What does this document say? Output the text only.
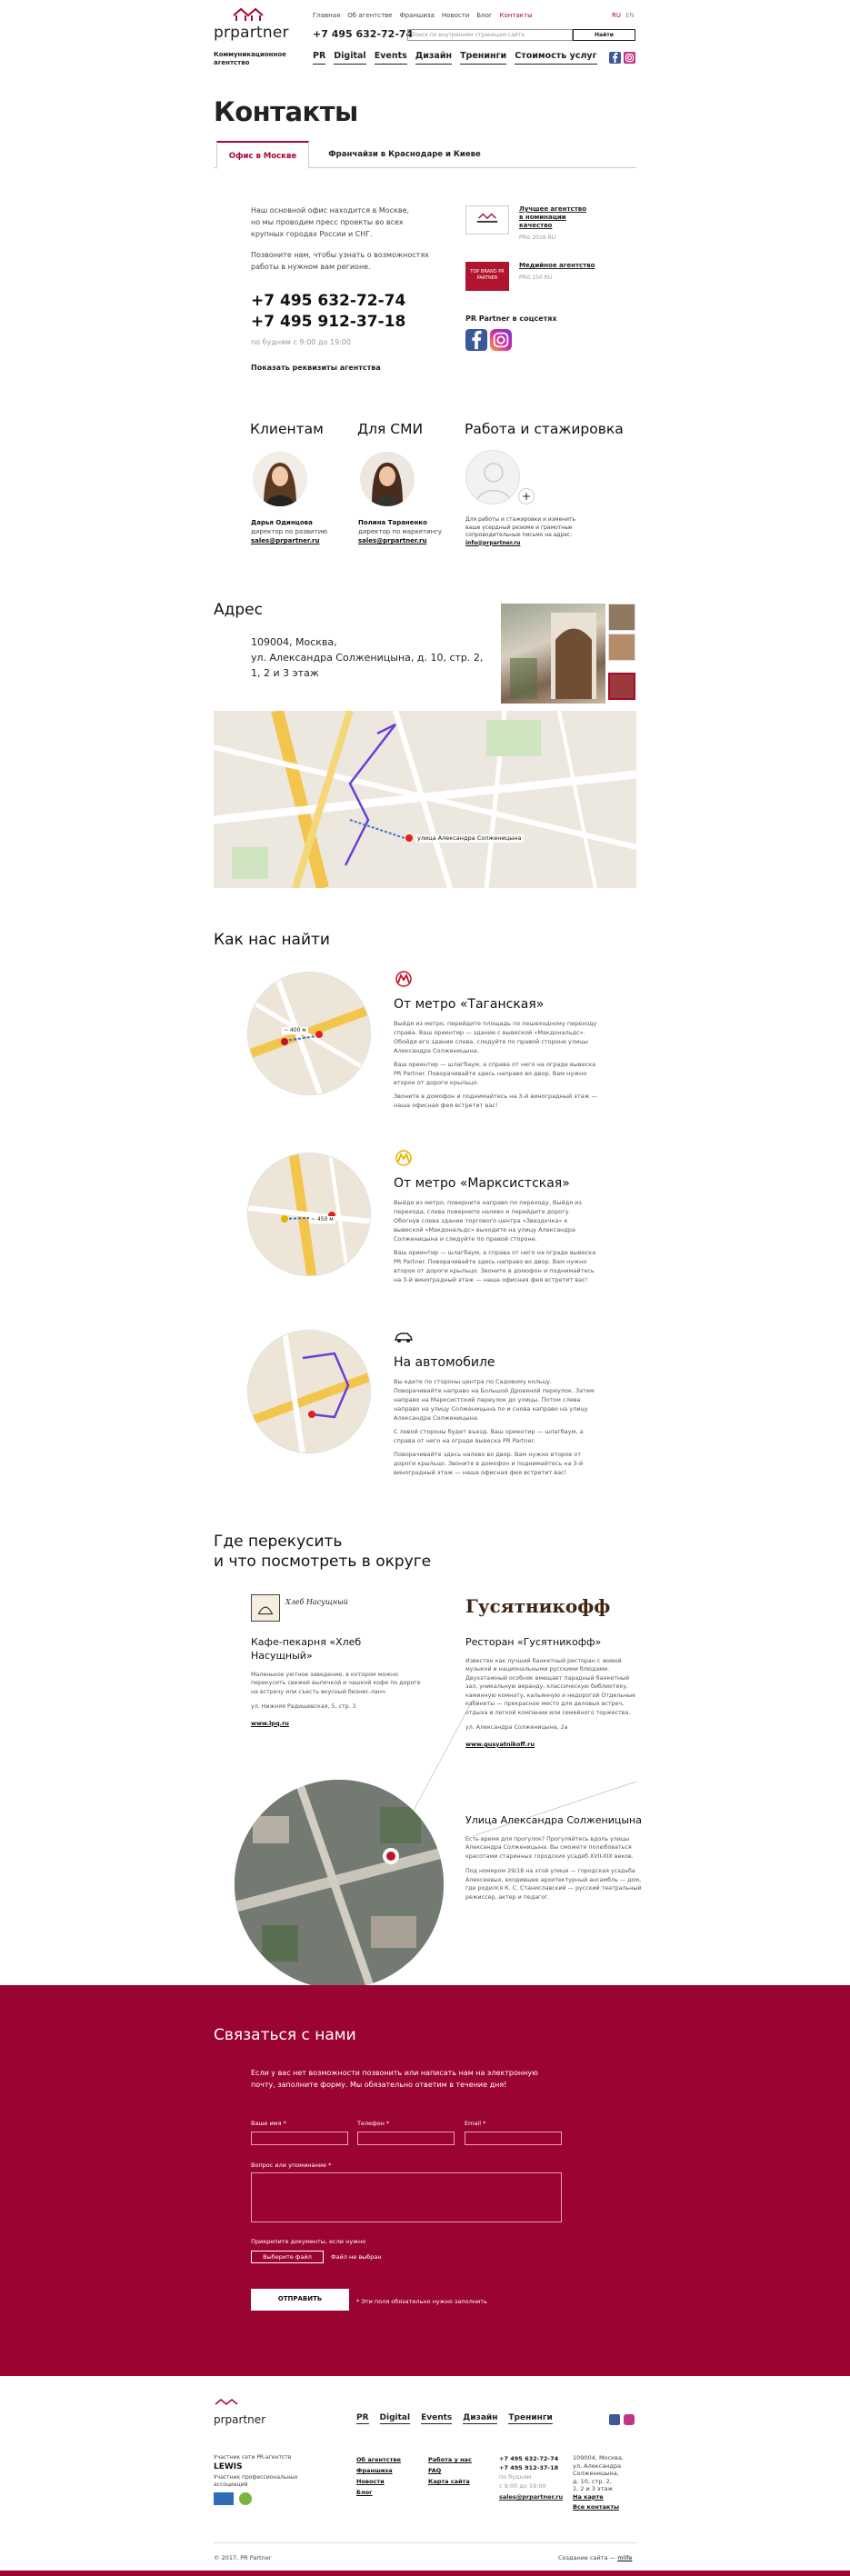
prpartner
Коммуникационное
агентство
Главная Об агентстве Франшиза Новости Блог Контакты	RU EN
+7 495 632-72-74
Поиск по внутренним страницам сайта	Найти
PR Digital Events Дизайн Тренинги Стоимость услуг
Контакты
Офис в Москве	Франчайзи в Краснодаре и Киеве
Наш основной офис находится в Москве,
но мы проводим пресс проекты во всех
крупных городах России и СНГ.
Позвоните нам, чтобы узнать о возможностях
работы в нужном вам регионе.
+7 495 632-72-74
+7 495 912-37-18
по будням с 9:00 до 19:00
Показать реквизиты агентства
Лучшее агентство
в номинации
качество
PRG 2016 RU
TOP BRAND PR PARTNER
Медийное агентство
PRG 150 RU
PR Partner в соцсетях
Клиентам Для СМИ	Работа и стажировка
+
Дарья Одинцова
директор по развитию
sales@prpartner.ru
Полина Тараненко
директор по маркетингу
sales@prpartner.ru
Для работы и стажировки и изменить
ваше усердный резюме и грамотные
сопроводительные письмо на адрес:
info@prpartner.ru
Адрес
109004, Москва,
ул. Александра Солженицына, д. 10, стр. 2,
1, 2 и 3 этаж
улица Александра Солженицына
Как нас найти
~ 400 м
От метро «Таганская»

Выйдя из метро, перейдите площадь по пешеходному переходу справа. Ваш ориентир — здание с вывеской «Макдональдс». Обойдя его здание слева, следуйте по правой стороне улицы Александра Солженицына.

Ваш ориентир — шлагбаум, а справа от него на ограде вывеска PR Partner. Поворачивайте здесь направо во двор. Вам нужно второе от дороги крыльцо.

Звоните в домофон и поднимайтесь на 3-й виноградный этаж — наша офисная фея встретит вас!

~ 450 м
От метро «Марксистская»

Выйдя из метро, поверните направо по переходу. Выйдя из перехода, слева поверните налево и перейдите дорогу. Обогнув слева здание торгового центра «Звездочка» к вывеской «Макдональдс» выходите на улицу Александра Солженицына и следуйте по правой стороне.

Ваш ориентир — шлагбаум, а справа от него на ограде вывеска PR Partner. Поворачивайте здесь направо во двор. Вам нужно второе от дороги крыльцо. Звоните в домофон и поднимайтесь на 3-й виноградный этаж — наша офисная фея встретит вас!

На автомобиле

Вы едете по стороны центра по Садовому кольцу. Поворачивайте направо на Большой Дровяной переулок. Затем направо на Марксистский переулок до улицы. Потом слева направо на улицу Солженицына по и снова направо на улицу Александра Солженицына.

С левой стороны будет въезд. Ваш ориентир — шлагбаум, а справа от него на ограде вывеска PR Partner.

Поворачивайте здесь налево во двор. Вам нужно второе от дороги крыльцо. Звоните в домофон и поднимайтесь на 3-й виноградный этаж — наша офисная фея встретит вас!

Где перекусить
и что посмотреть в округе
Хлеб Насущный
Кафе-пекарня «Хлеб Насущный»

Маленькое уютное заведение, в котором можно перекусить свежей выпечкой и чашкой кофе по дороге на встречу или съесть вкусный бизнес-ланч.

ул. Нижняя Радищевская, 5, стр. 3

www.lpq.ru
Гусятникофф
Ресторан «Гусятникофф»

Известен как лучший банкетный ресторан с живой музыкой и национальными русскими блюдами. Двухэтажный особняк вмещает парадный банкетный зал, уникальную веранду, классическую библиотеку, каминную комнату, кальянную и недорогой Отдельные кабинеты — прекрасное место для деловых встреч, отдыха и легкой компании или семейного торжества.

ул. Александра Солженицына, 2а

www.gusyatnikoff.ru
Улица Александра Солженицына

Есть время для прогулок? Прогуляйтесь вдоль улицы Александра Солженицына. Вы сможете полюбоваться красотами старинных городских усадеб XVII-XIX веков.

Под номером 29/18 на этой улице — городская усадьба Алексеевых, входившее архитектурный ансамбль — дом, где родился К. С. Станиславский — русский театральный режиссер, актер и педагог.

Связаться с нами
Если у вас нет возможности позвонить или написать нам на электронную
почту, заполните форму. Мы обязательно ответим в течение дня!
Ваше имя *	Телефон *	Email *
Вопрос или упоминание *
Прикрепите документы, если нужно
Выберите файл	Файл не выбран
ОТПРАВИТЬ	* Эти поля обязательно нужно заполнить
prpartner	PR Digital Events Дизайн Тренинги
Участник сети PR-агентств
LEWIS
Участник профессиональных
ассоциаций
Об агентстве
Франшиза
Новости
Блог
Работа у нас
FAQ
Карта сайта
+7 495 632-72-74
+7 495 912-37-18
по будням
с 9:00 до 19:00
sales@prpartner.ru
109004, Москва,
ул. Александра
Солженицына,
д. 10, стр. 2,
1, 2 и 3 этаж
На карте
Все контакты
© 2017, PR Partner	Создание сайта — mlife
